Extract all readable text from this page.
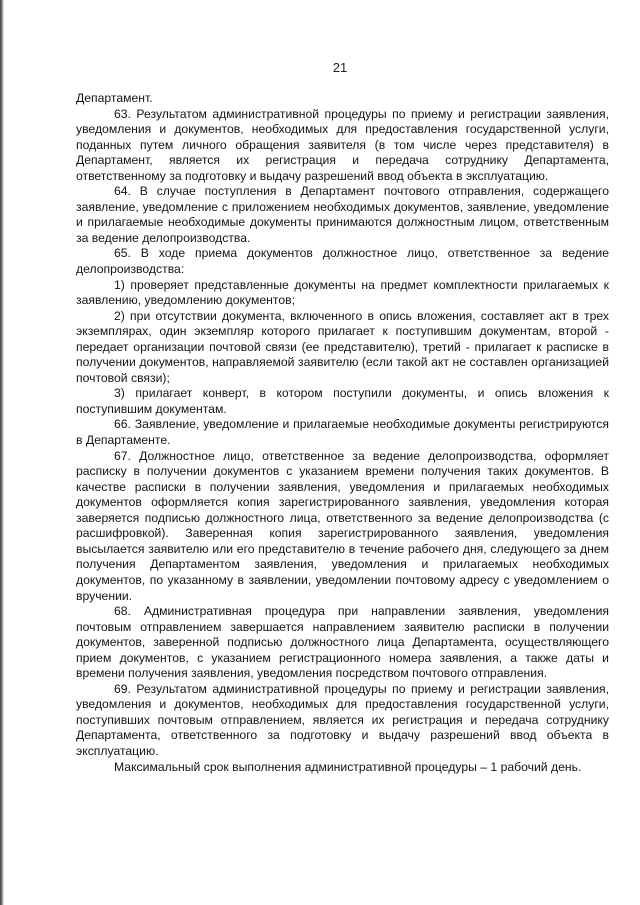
21

Департамент.

63. Результатом административной процедуры по приему и регистрации заявления, уведомления и документов, необходимых для предоставления государственной услуги, поданных путем личного обращения заявителя (в том числе через представителя) в Департамент, является их регистрация и передача сотруднику Департамента, ответственному за подготовку и выдачу разрешений ввод объекта в эксплуатацию.

64. В случае поступления в Департамент почтового отправления, содержащего заявление, уведомление с приложением необходимых документов, заявление, уведомление и прилагаемые необходимые документы принимаются должностным лицом, ответственным за ведение делопроизводства.

65. В ходе приема документов должностное лицо, ответственное за ведение делопроизводства:

1) проверяет представленные документы на предмет комплектности прилагаемых к заявлению, уведомлению документов;

2) при отсутствии документа, включенного в опись вложения, составляет акт в трех экземплярах, один экземпляр которого прилагает к поступившим документам, второй - передает организации почтовой связи (ее представителю), третий - прилагает к расписке в получении документов, направляемой заявителю (если такой акт не составлен организацией почтовой связи);

3) прилагает конверт, в котором поступили документы, и опись вложения к поступившим документам.

66. Заявление, уведомление и прилагаемые необходимые документы регистрируются в Департаменте.

67. Должностное лицо, ответственное за ведение делопроизводства, оформляет расписку в получении документов с указанием времени получения таких документов. В качестве расписки в получении заявления, уведомления и прилагаемых необходимых документов оформляется копия зарегистрированного заявления, уведомления которая заверяется подписью должностного лица, ответственного за ведение делопроизводства (с расшифровкой). Заверенная копия зарегистрированного заявления, уведомления высылается заявителю или его представителю в течение рабочего дня, следующего за днем получения Департаментом заявления, уведомления и прилагаемых необходимых документов, по указанному в заявлении, уведомлении почтовому адресу с уведомлением о вручении.

68. Административная процедура при направлении заявления, уведомления почтовым отправлением завершается направлением заявителю расписки в получении документов, заверенной подписью должностного лица Департамента, осуществляющего прием документов, с указанием регистрационного номера заявления, а также даты и времени получения заявления, уведомления посредством почтового отправления.

69. Результатом административной процедуры по приему и регистрации заявления, уведомления и документов, необходимых для предоставления государственной услуги, поступивших почтовым отправлением, является их регистрация и передача сотруднику Департамента, ответственного за подготовку и выдачу разрешений ввод объекта в эксплуатацию.

Максимальный срок выполнения административной процедуры – 1 рабочий день.
